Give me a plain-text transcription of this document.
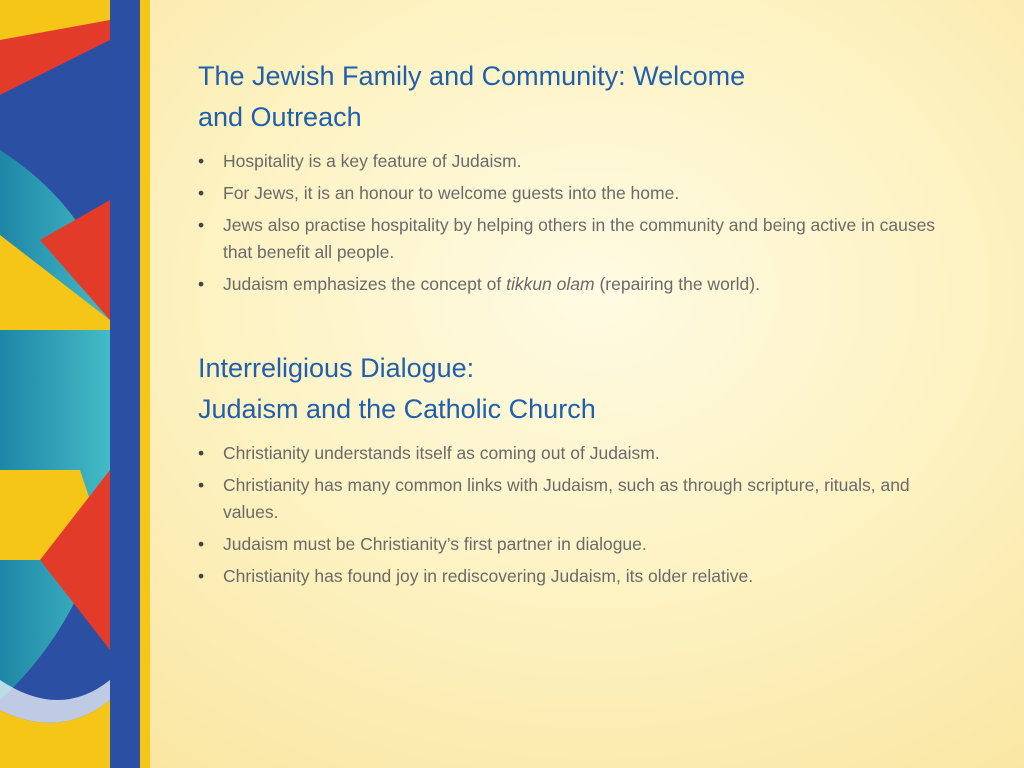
The Jewish Family and Community: Welcome
and Outreach
• Hospitality is a key feature of Judaism.
• For Jews, it is an honour to welcome guests into the home.
• Jews also practise hospitality by helping others in the community and being active in causes that benefit all people.
• Judaism emphasizes the concept of tikkun olam (repairing the world).
Interreligious Dialogue:
Judaism and the Catholic Church
• Christianity understands itself as coming out of Judaism.
• Christianity has many common links with Judaism, such as through scripture, rituals, and values.
• Judaism must be Christianity’s first partner in dialogue.
• Christianity has found joy in rediscovering Judaism, its older relative.
